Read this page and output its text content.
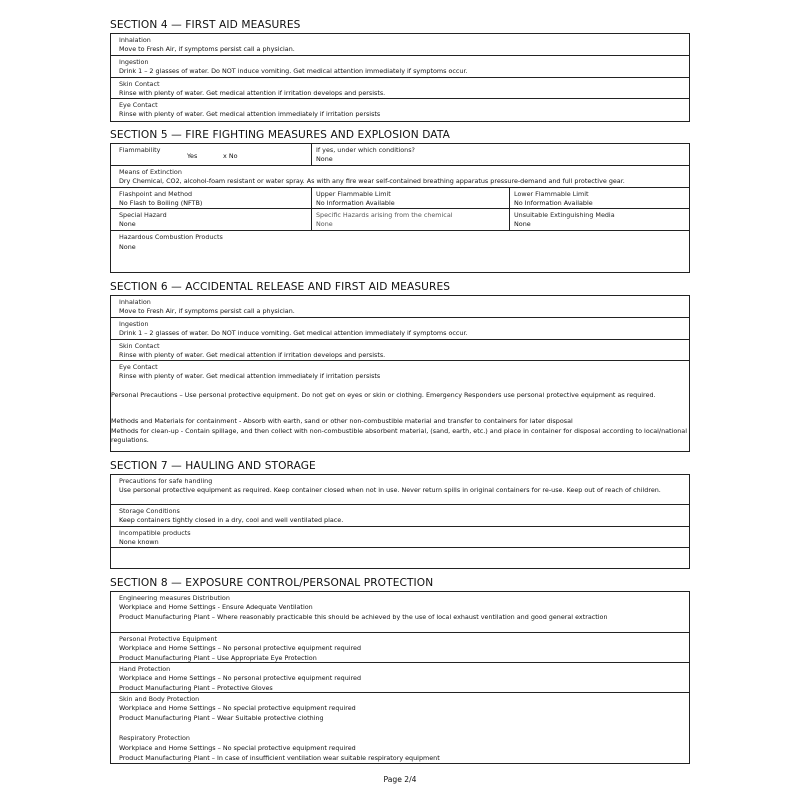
SECTION 4 — FIRST AID MEASURES
Inhalation
Move to Fresh Air, if symptoms persist call a physician.
Ingestion
Drink 1 – 2 glasses of water. Do NOT induce vomiting. Get medical attention immediately if symptoms occur.
Skin Contact
Rinse with plenty of water. Get medical attention if irritation develops and persists.
Eye Contact
Rinse with plenty of water. Get medical attention immediately if irritation persists
SECTION 5 — FIRE FIGHTING MEASURES AND EXPLOSION DATA
Flammability
Yes	x No
If yes, under which conditions?
None
Means of Extinction
Dry Chemical, CO2, alcohol-foam resistant or water spray. As with any fire wear self-contained breathing apparatus pressure-demand and full protective gear.
Flashpoint and Method
No Flash to Boiling (NFTB)
Upper Flammable Limit
No Information Available
Lower Flammable Limit
No Information Available
Special Hazard
None
Specific Hazards arising from the chemical
None
Unsuitable Extinguishing Media
None
Hazardous Combustion Products
None
SECTION 6 — ACCIDENTAL RELEASE AND FIRST AID MEASURES
Inhalation
Move to Fresh Air, if symptoms persist call a physician.
Ingestion
Drink 1 – 2 glasses of water. Do NOT induce vomiting. Get medical attention immediately if symptoms occur.
Skin Contact
Rinse with plenty of water. Get medical attention if irritation develops and persists.
Eye Contact
Rinse with plenty of water. Get medical attention immediately if irritation persists
Personal Precautions – Use personal protective equipment. Do not get on eyes or skin or clothing. Emergency Responders use personal protective equipment as required.
Methods and Materials for containment - Absorb with earth, sand or other non-combustible material and transfer to containers for later disposal
Methods for clean-up - Contain spillage, and then collect with non-combustible absorbent material, (sand, earth, etc.) and place in container for disposal according to local/national regulations.
SECTION 7 — HAULING AND STORAGE
Precautions for safe handling
Use personal protective equipment as required. Keep container closed when not in use. Never return spills in original containers for re-use. Keep out of reach of children.
Storage Conditions
Keep containers tightly closed in a dry, cool and well ventilated place.
Incompatible products
None known
SECTION 8 — EXPOSURE CONTROL/PERSONAL PROTECTION
Engineering measures Distribution
Workplace and Home Settings - Ensure Adequate Ventilation
Product Manufacturing Plant – Where reasonably practicable this should be achieved by the use of local exhaust ventilation and good general extraction
Personal Protective Equipment
Workplace and Home Settings – No personal protective equipment required
Product Manufacturing Plant – Use Appropriate Eye Protection
Hand Protection
Workplace and Home Settings – No personal protective equipment required
Product Manufacturing Plant – Protective Gloves
Skin and Body Protection
Workplace and Home Settings – No special protective equipment required
Product Manufacturing Plant – Wear Suitable protective clothing
Respiratory Protection
Workplace and Home Settings – No special protective equipment required
Product Manufacturing Plant – In case of insufficient ventilation wear suitable respiratory equipment
Page 2/4
